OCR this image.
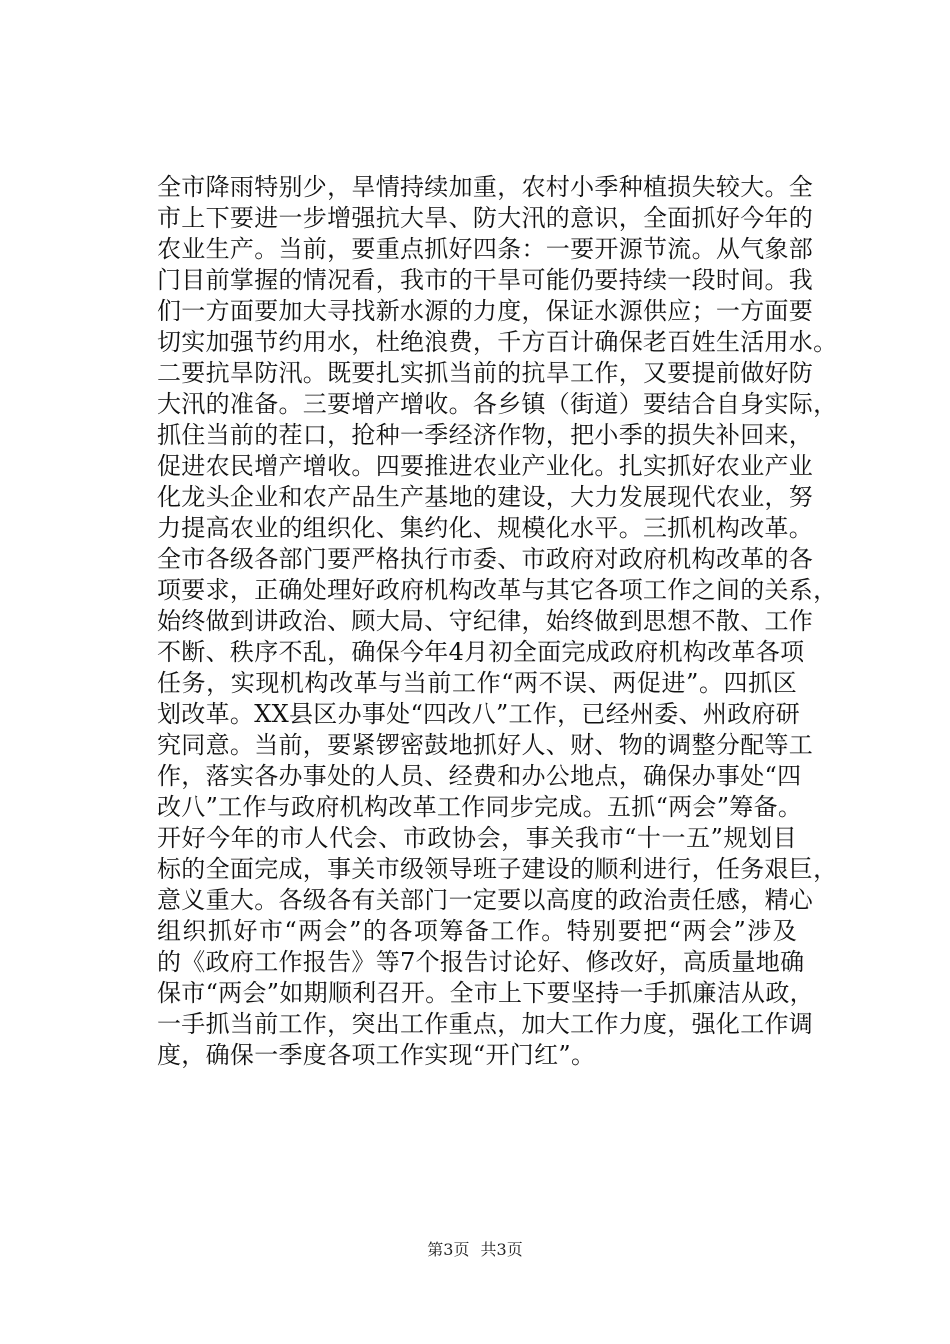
全市降雨特别少，旱情持续加重，农村小季种植损失较大。全
市上下要进一步增强抗大旱、防大汛的意识，全面抓好今年的
农业生产。当前，要重点抓好四条：一要开源节流。从气象部
门目前掌握的情况看，我市的干旱可能仍要持续一段时间。我
们一方面要加大寻找新水源的力度，保证水源供应；一方面要
切实加强节约用水，杜绝浪费，千方百计确保老百姓生活用水。
二要抗旱防汛。既要扎实抓当前的抗旱工作，又要提前做好防
大汛的准备。三要增产增收。各乡镇（街道）要结合自身实际，
抓住当前的茬口，抢种一季经济作物，把小季的损失补回来，
促进农民增产增收。四要推进农业产业化。扎实抓好农业产业
化龙头企业和农产品生产基地的建设，大力发展现代农业，努
力提高农业的组织化、集约化、规模化水平。三抓机构改革。
全市各级各部门要严格执行市委、市政府对政府机构改革的各
项要求，正确处理好政府机构改革与其它各项工作之间的关系，
始终做到讲政治、顾大局、守纪律，始终做到思想不散、工作
不断、秩序不乱，确保今年4月初全面完成政府机构改革各项
任务，实现机构改革与当前工作“两不误、两促进”。四抓区
划改革。XX县区办事处“四改八”工作，已经州委、州政府研
究同意。当前，要紧锣密鼓地抓好人、财、物的调整分配等工
作，落实各办事处的人员、经费和办公地点，确保办事处“四
改八”工作与政府机构改革工作同步完成。五抓“两会”筹备。
开好今年的市人代会、市政协会，事关我市“十一五”规划目
标的全面完成，事关市级领导班子建设的顺利进行，任务艰巨，
意义重大。各级各有关部门一定要以高度的政治责任感，精心
组织抓好市“两会”的各项筹备工作。特别要把“两会”涉及
的《政府工作报告》等7个报告讨论好、修改好，高质量地确
保市“两会”如期顺利召开。全市上下要坚持一手抓廉洁从政，
一手抓当前工作，突出工作重点，加大工作力度，强化工作调
度，确保一季度各项工作实现“开门红”。
第3页 共3页
